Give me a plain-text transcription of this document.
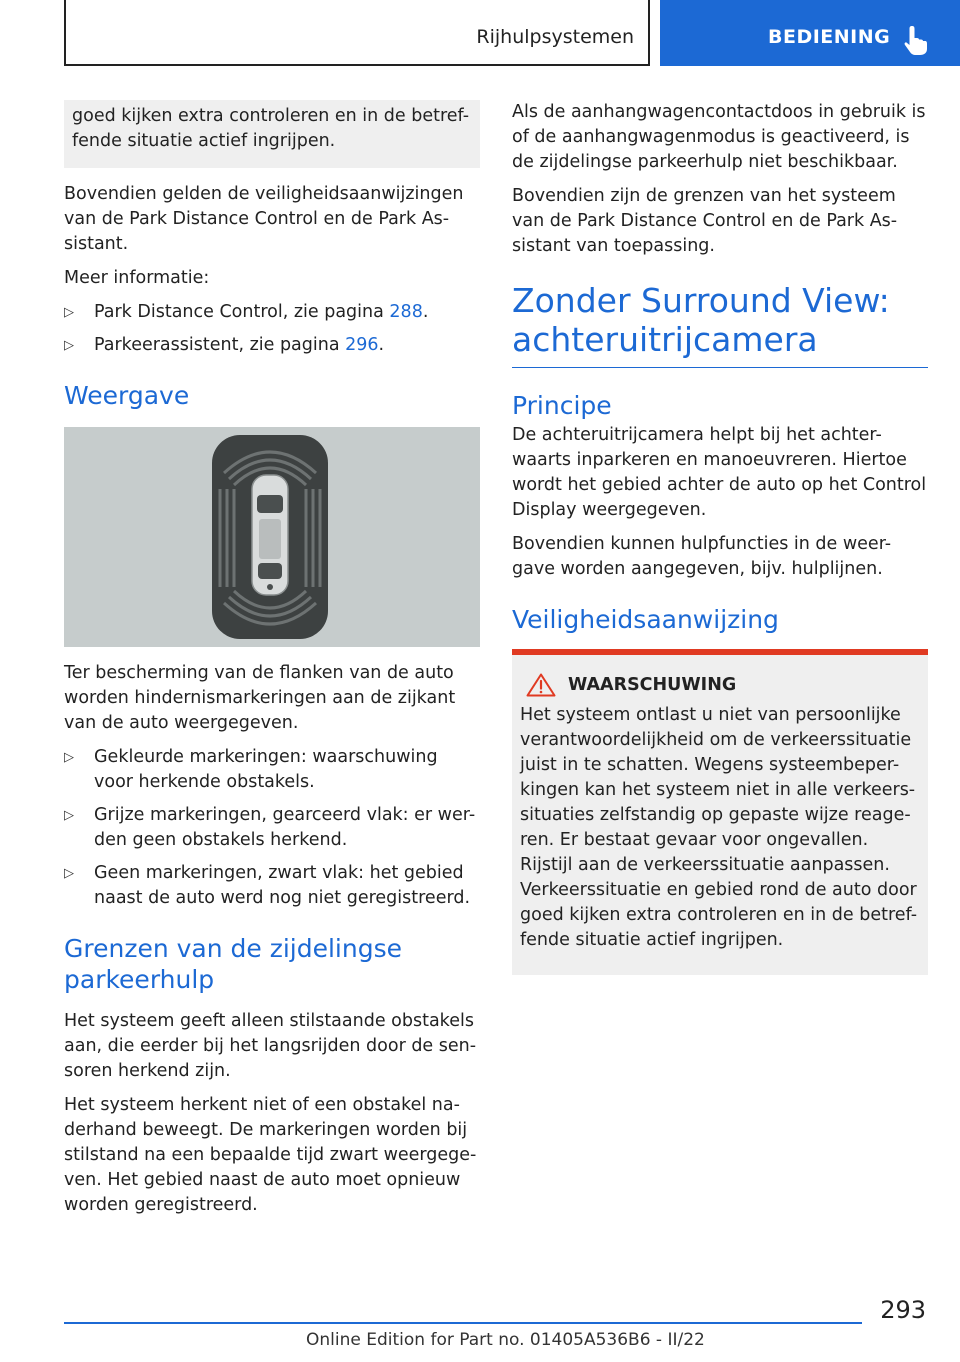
Rijhulpsystemen	BEDIENING

goed kijken extra controleren en in de betref-fende situatie actief ingrijpen.

Bovendien gelden de veiligheidsaanwijzingen van de Park Distance Control en de Park As-sistant.

Meer informatie:

▷ Park Distance Control, zie pagina 288.
▷ Parkeerassistent, zie pagina 296.
Weergave

Ter bescherming van de flanken van de auto worden hindernismarkeringen aan de zijkant van de auto weergegeven.

▷ Gekleurde markeringen: waarschuwing voor herkende obstakels.
▷ Grijze markeringen, gearceerd vlak: er wer-den geen obstakels herkend.
▷ Geen markeringen, zwart vlak: het gebied naast de auto werd nog niet geregistreerd.
Grenzen van de zijdelingse parkeerhulp

Het systeem geeft alleen stilstaande obstakels aan, die eerder bij het langsrijden door de sen-soren herkend zijn.

Het systeem herkent niet of een obstakel na-derhand beweegt. De markeringen worden bij stilstand na een bepaalde tijd zwart weergege-ven. Het gebied naast de auto moet opnieuw worden geregistreerd.

Als de aanhangwagencontactdoos in gebruik is of de aanhangwagenmodus is geactiveerd, is de zijdelingse parkeerhulp niet beschikbaar.

Bovendien zijn de grenzen van het systeem van de Park Distance Control en de Park As-sistant van toepassing.

Zonder Surround View: achteruitrijcamera
Principe

De achteruitrijcamera helpt bij het achter-waarts inparkeren en manoeuvreren. Hiertoe wordt het gebied achter de auto op het Control Display weergegeven.

Bovendien kunnen hulpfuncties in de weer-gave worden aangegeven, bijv. hulplijnen.

Veiligheidsaanwijzing
WAARSCHUWING

Het systeem ontlast u niet van persoonlijke verantwoordelijkheid om de verkeerssituatie juist in te schatten. Wegens systeembeper-kingen kan het systeem niet in alle verkeers-situaties zelfstandig op gepaste wijze reage-ren. Er bestaat gevaar voor ongevallen.

Rijstijl aan de verkeerssituatie aanpassen. Verkeerssituatie en gebied rond de auto door goed kijken extra controleren en in de betref-fende situatie actief ingrijpen.

293
Online Edition for Part no. 01405A536B6 - II/22
